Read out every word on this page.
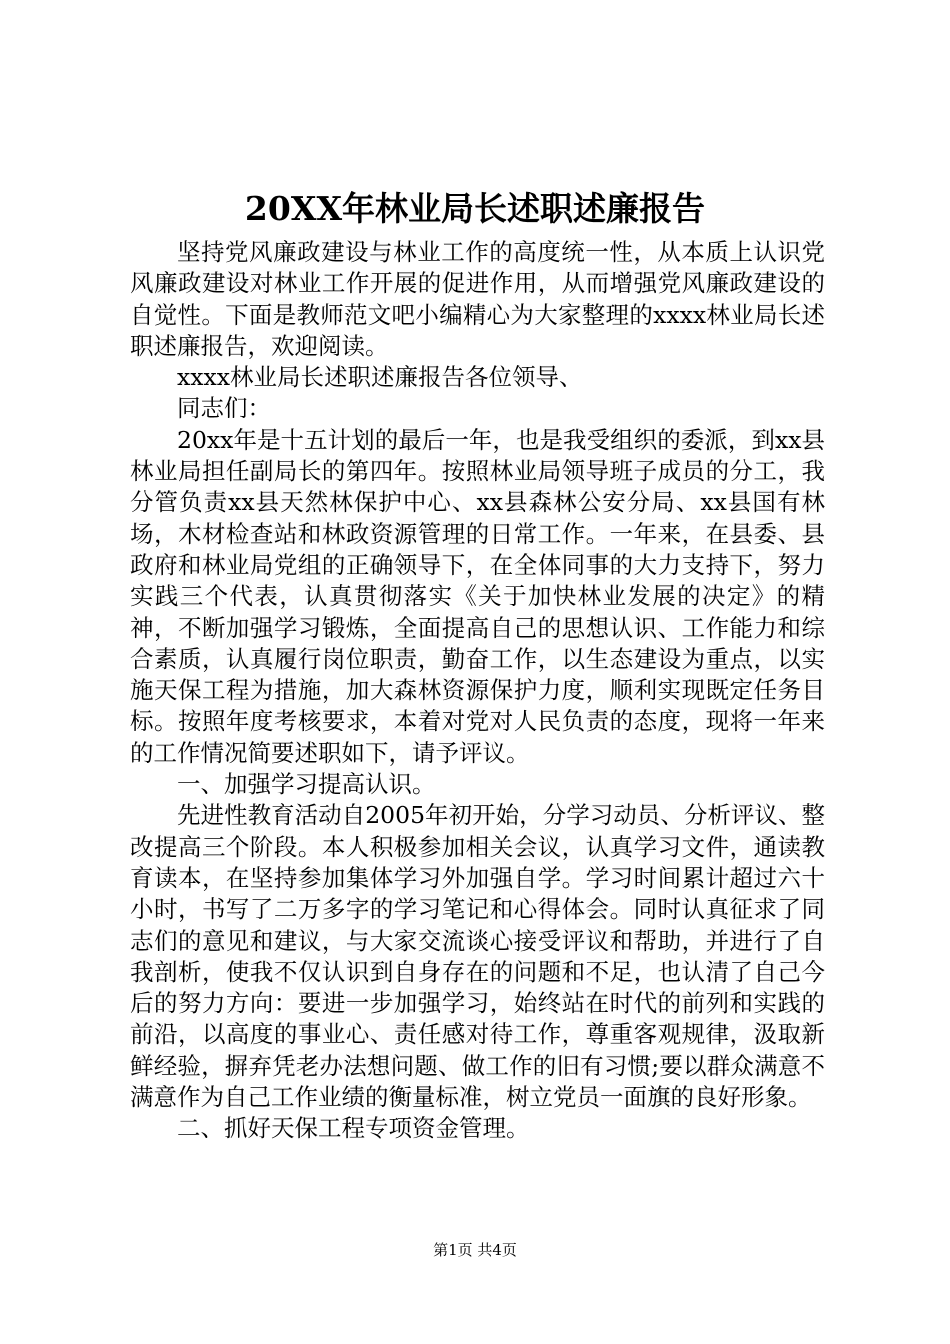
20XX年林业局长述职述廉报告

坚持党风廉政建设与林业工作的高度统一性，从本质上认识党风廉政建设对林业工作开展的促进作用，从而增强党风廉政建设的自觉性。下面是教师范文吧小编精心为大家整理的xxxx林业局长述职述廉报告，欢迎阅读。

xxxx林业局长述职述廉报告各位领导、

同志们：

20xx年是十五计划的最后一年，也是我受组织的委派，到xx县林业局担任副局长的第四年。按照林业局领导班子成员的分工，我分管负责xx县天然林保护中心、xx县森林公安分局、xx县国有林场，木材检查站和林政资源管理的日常工作。一年来，在县委、县政府和林业局党组的正确领导下，在全体同事的大力支持下，努力实践三个代表，认真贯彻落实《关于加快林业发展的决定》的精神，不断加强学习锻炼，全面提高自己的思想认识、工作能力和综合素质，认真履行岗位职责，勤奋工作，以生态建设为重点，以实施天保工程为措施，加大森林资源保护力度，顺利实现既定任务目标。按照年度考核要求，本着对党对人民负责的态度，现将一年来的工作情况简要述职如下，请予评议。

一、加强学习提高认识。

先进性教育活动自2005年初开始，分学习动员、分析评议、整改提高三个阶段。本人积极参加相关会议，认真学习文件，通读教育读本，在坚持参加集体学习外加强自学。学习时间累计超过六十小时，书写了二万多字的学习笔记和心得体会。同时认真征求了同志们的意见和建议，与大家交流谈心接受评议和帮助，并进行了自我剖析，使我不仅认识到自身存在的问题和不足，也认清了自己今后的努力方向：要进一步加强学习，始终站在时代的前列和实践的前沿，以高度的事业心、责任感对待工作，尊重客观规律，汲取新鲜经验，摒弃凭老办法想问题、做工作的旧有习惯;要以群众满意不满意作为自己工作业绩的衡量标准，树立党员一面旗的良好形象。

二、抓好天保工程专项资金管理。

第1页 共4页
